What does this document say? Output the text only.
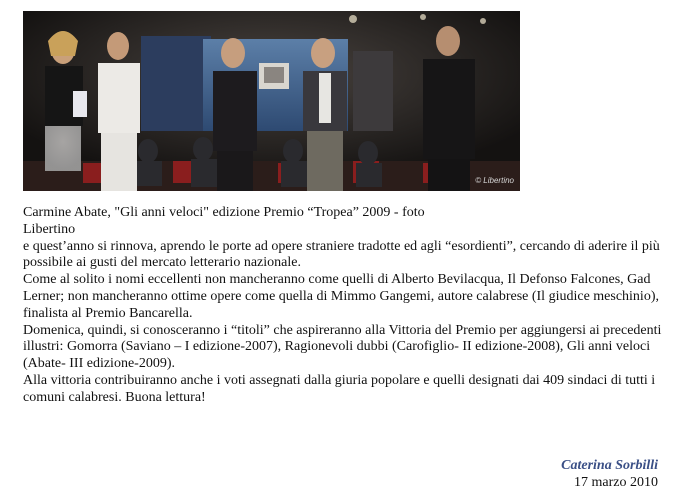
© Libertino

Carmine Abate, "Gli anni veloci" edizione Premio “Tropea” 2009 - foto

Libertino

e quest’anno si rinnova, aprendo le porte ad opere straniere tradotte ed agli “esordienti”, cercando di aderire il più possibile ai gusti del mercato letterario nazionale.

Come al solito i nomi eccellenti non mancheranno come quelli di Alberto Bevilacqua, Il Defonso Falcones, Gad Lerner; non mancheranno ottime opere come quella di Mimmo Gangemi, autore calabrese (Il giudice meschinio), finalista al Premio Bancarella.

Domenica, quindi, si conosceranno i “titoli” che aspireranno alla Vittoria del Premio per aggiungersi ai precedenti illustri: Gomorra (Saviano – I edizione-2007), Ragionevoli dubbi (Carofiglio- II edizione-2008), Gli anni veloci (Abate- III edizione-2009).

Alla vittoria contribuiranno anche i voti assegnati dalla giuria popolare e quelli designati dai 409 sindaci di tutti i comuni calabresi. Buona lettura!

Caterina Sorbilli
17 marzo 2010
